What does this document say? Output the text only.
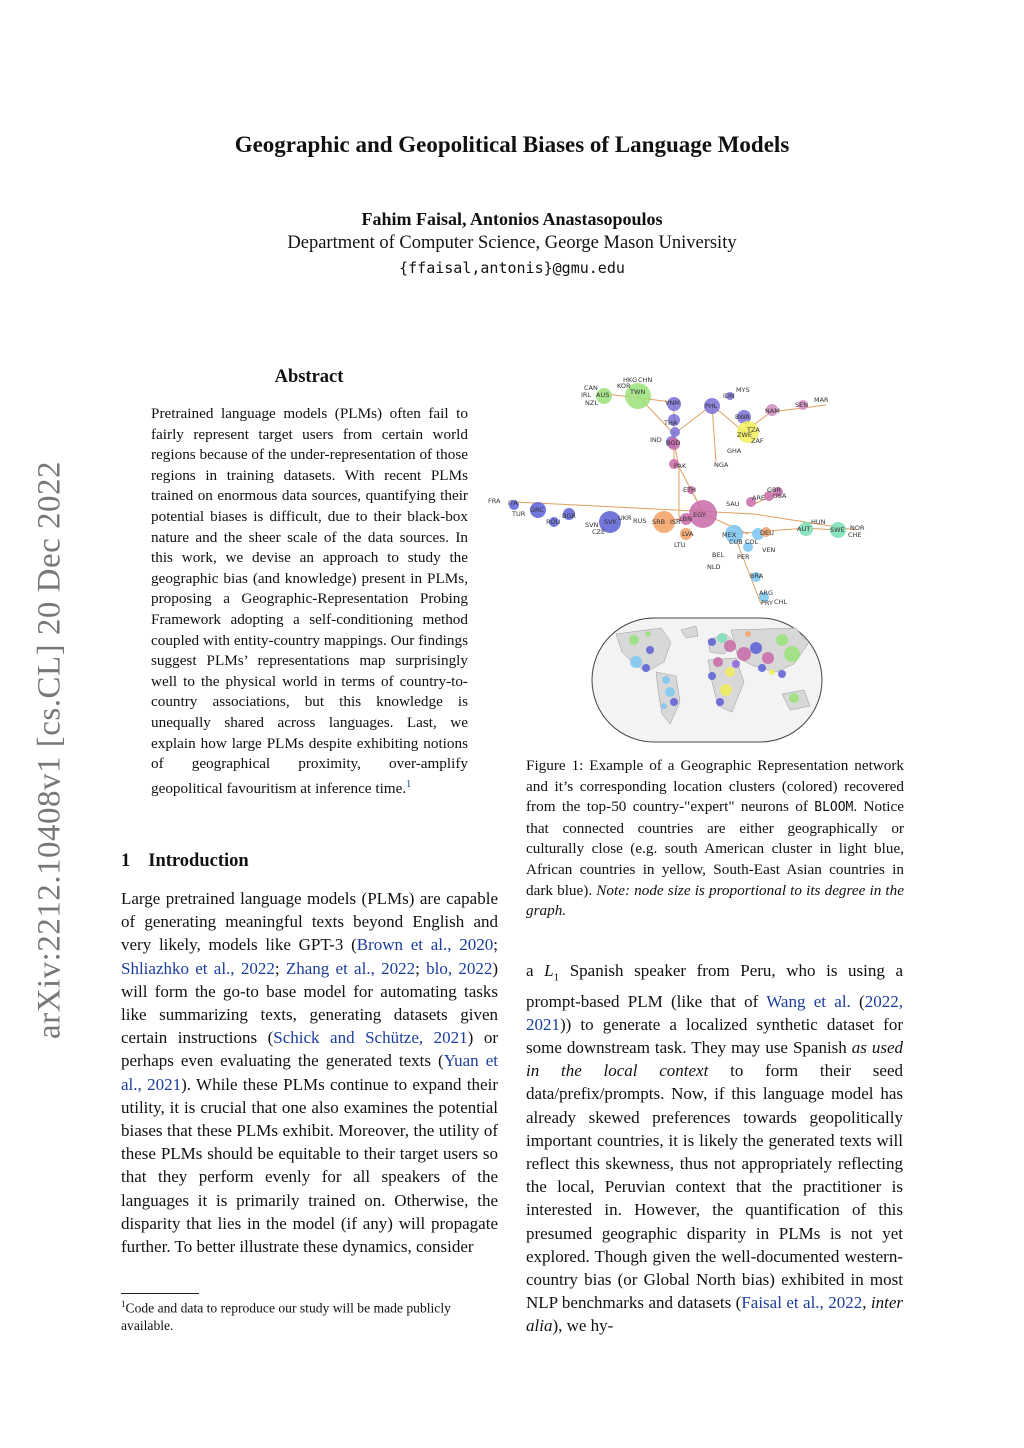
arXiv:2212.10408v1 [cs.CL] 20 Dec 2022
Geographic and Geopolitical Biases of Language Models
Fahim Faisal, Antonios Anastasopoulos
Department of Computer Science, George Mason University
{ffaisal,antonis}@gmu.edu
Abstract
Pretrained language models (PLMs) often fail to fairly represent target users from certain world regions because of the under-representation of those regions in training datasets. With recent PLMs trained on enormous data sources, quantifying their potential biases is difficult, due to their black-box nature and the sheer scale of the data sources. In this work, we devise an approach to study the geographic bias (and knowledge) present in PLMs, proposing a Geographic-Representation Probing Framework adopting a self-conditioning method coupled with entity-country mappings. Our findings suggest PLMs’ representations map surprisingly well to the physical world in terms of country-to-country associations, but this knowledge is unequally shared across languages. Last, we explain how large PLMs despite exhibiting notions of geographical proximity, over-amplify geopolitical favouritism at inference time.$^1$
1 Introduction
Large pretrained language models (PLMs) are capable of generating meaningful texts beyond English and very likely, models like GPT-3 (Brown et al., 2020; Shliazhko et al., 2022; Zhang et al., 2022; blo, 2022) will form the go-to base model for automating tasks like summarizing texts, generating datasets given certain instructions (Schick and Schütze, 2021) or perhaps even evaluating the generated texts (Yuan et al., 2021). While these PLMs continue to expand their utility, it is crucial that one also examines the potential biases that these PLMs exhibit. Moreover, the utility of these PLMs should be equitable to their target users so that they perform evenly for all speakers of the languages it is primarily trained on. Otherwise, the disparity that lies in the model (if any) will propagate further. To better illustrate these dynamics, consider
$^1$Code and data to reproduce our study will be made publicly available.
HKG CHN
KOR
TWN
CAN
IRL AUS
NZL	VNM
IDN
MYS
PHL
MAR
SEN
NAM
BWA
TZA
ZWE
ZAF
THA
IND BGD
GHA
NGA
PAK
ETH
FRA ITA
TUR GRC
ROU
BGR
SVN SVK
CZE
UKR RUS SRB ISR
EGY
LBN
LVA
LTU
SAU
ARE
GBR
USA
HUN
AUT	SWE NOR
CHE
DEU
MEX
CUB COL
VEN
BEL PER
NLD
BRA
ARG
PRY CHL
Figure 1: Example of a Geographic Representation network and it’s corresponding location clusters (colored) recovered from the top-50 country-"expert" neurons of BLOOM. Notice that connected countries are either geographically or culturally close (e.g. south American cluster in light blue, African countries in yellow, South-East Asian countries in dark blue). Note: node size is proportional to its degree in the graph.
a $L_1$ Spanish speaker from Peru, who is using a prompt-based PLM (like that of Wang et al. (2022, 2021)) to generate a localized synthetic dataset for some downstream task. They may use Spanish as used in the local context to form their seed data/prefix/prompts. Now, if this language model has already skewed preferences towards geopolitically important countries, it is likely the generated texts will reflect this skewness, thus not appropriately reflecting the local, Peruvian context that the practitioner is interested in. However, the quantification of this presumed geographic disparity in PLMs is not yet explored. Though given the well-documented western-country bias (or Global North bias) exhibited in most NLP benchmarks and datasets (Faisal et al., 2022, inter alia), we hy-
